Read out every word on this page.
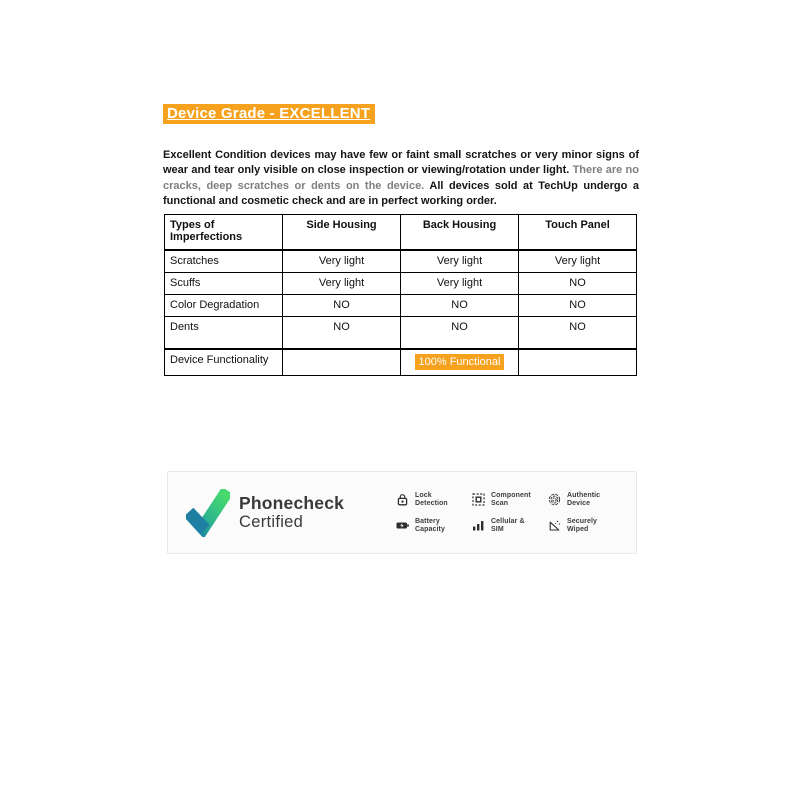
Device Grade - EXCELLENT

Excellent Condition devices may have few or faint small scratches or very minor signs of wear and tear only visible on close inspection or viewing/rotation under light. There are no cracks, deep scratches or dents on the device. All devices sold at TechUp undergo a functional and cosmetic check and are in perfect working order.

Types of Imperfections	Side Housing	Back Housing	Touch Panel
Scratches	Very light	Very light	Very light
Scuffs	Very light	Very light	NO
Color Degradation	NO	NO	NO
Dents	NO	NO	NO
Device Functionality		100% Functional	
Phonecheck
Certified
Lock Detection
Component Scan
Authentic Device
Battery Capacity
Cellular & SIM
Securely Wiped
